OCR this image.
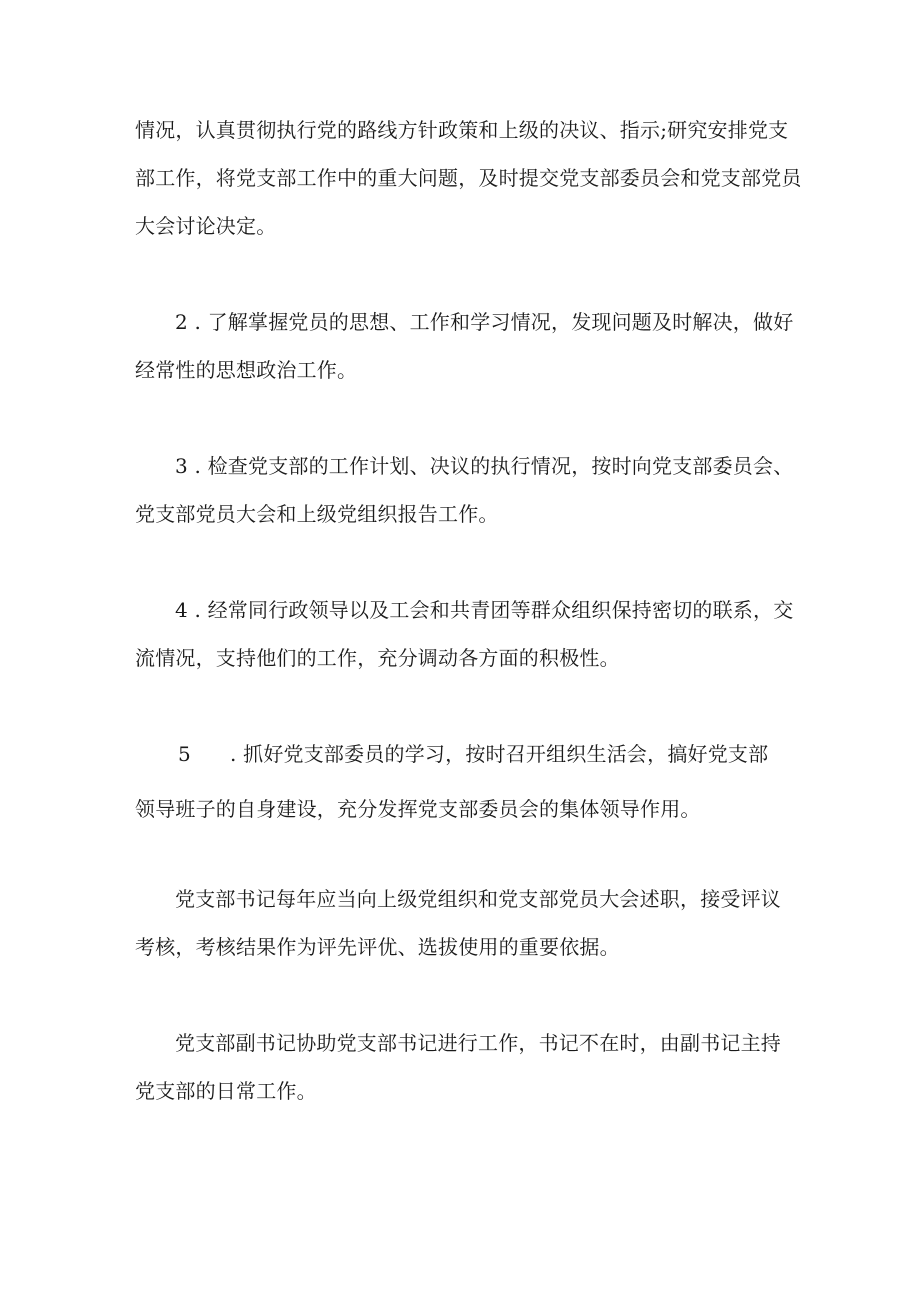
情况，认真贯彻执行党的路线方针政策和上级的决议、指示;研究安排党支
部工作，将党支部工作中的重大问题，及时提交党支部委员会和党支部党员
大会讨论决定。
2 . 了解掌握党员的思想、工作和学习情况，发现问题及时解决，做好
经常性的思想政治工作。
3 . 检查党支部的工作计划、决议的执行情况，按时向党支部委员会、
党支部党员大会和上级党组织报告工作。
4 . 经常同行政领导以及工会和共青团等群众组织保持密切的联系，交
流情况，支持他们的工作，充分调动各方面的积极性。
5 . 抓好党支部委员的学习，按时召开组织生活会，搞好党支部
领导班子的自身建设，充分发挥党支部委员会的集体领导作用。
党支部书记每年应当向上级党组织和党支部党员大会述职，接受评议
考核，考核结果作为评先评优、选拔使用的重要依据。
党支部副书记协助党支部书记进行工作，书记不在时，由副书记主持
党支部的日常工作。
